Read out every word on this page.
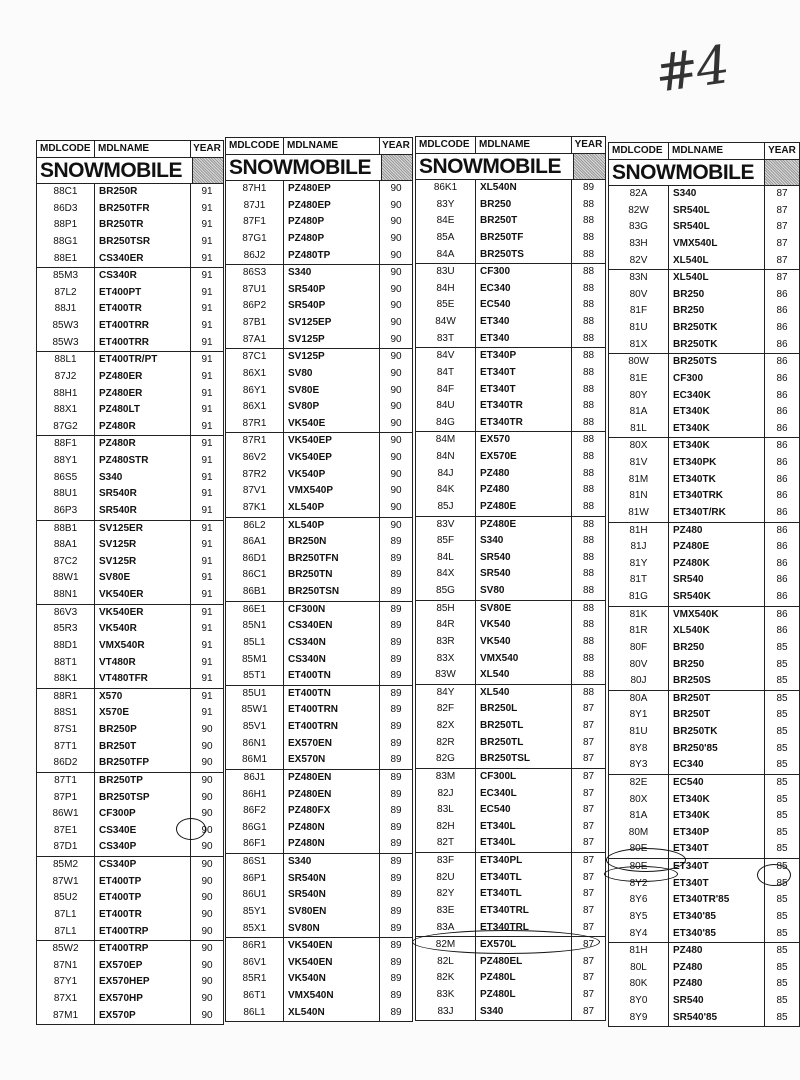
#4
MDLCODE MDLNAME	YEAR
SNOWMOBILE
88C1	BR250R	91
86D3	BR250TFR	91
88P1	BR250TR	91
88G1	BR250TSR	91
88E1	CS340ER	91
85M3	CS340R	91
87L2	ET400PT	91
88J1	ET400TR	91
85W3	ET400TRR	91
85W3	ET400TRR	91
88L1	ET400TR/PT	91
87J2	PZ480ER	91
88H1	PZ480ER	91
88X1	PZ480LT	91
87G2	PZ480R	91
88F1	PZ480R	91
88Y1	PZ480STR	91
86S5	S340	91
88U1	SR540R	91
86P3	SR540R	91
88B1	SV125ER	91
88A1	SV125R	91
87C2	SV125R	91
88W1	SV80E	91
88N1	VK540ER	91
86V3	VK540ER	91
85R3	VK540R	91
88D1	VMX540R	91
88T1	VT480R	91
88K1	VT480TFR	91
88R1	X570	91
88S1	X570E	91
87S1	BR250P	90
87T1	BR250T	90
86D2	BR250TFP	90
87T1	BR250TP	90
87P1	BR250TSP	90
86W1	CF300P	90
87E1	CS340E	90
87D1	CS340P	90
85M2	CS340P	90
87W1	ET400TP	90
85U2	ET400TP	90
87L1	ET400TR	90
87L1	ET400TRP	90
85W2	ET400TRP	90
87N1	EX570EP	90
87Y1	EX570HEP	90
87X1	EX570HP	90
87M1	EX570P	90
MDLCODE MDLNAME	YEAR
SNOWMOBILE
87H1	PZ480EP	90
87J1	PZ480EP	90
87F1	PZ480P	90
87G1	PZ480P	90
86J2	PZ480TP	90
86S3	S340	90
87U1	SR540P	90
86P2	SR540P	90
87B1	SV125EP	90
87A1	SV125P	90
87C1	SV125P	90
86X1	SV80	90
86Y1	SV80E	90
86X1	SV80P	90
87R1	VK540E	90
87R1	VK540EP	90
86V2	VK540EP	90
87R2	VK540P	90
87V1	VMX540P	90
87K1	XL540P	90
86L2	XL540P	90
86A1	BR250N	89
86D1	BR250TFN	89
86C1	BR250TN	89
86B1	BR250TSN	89
86E1	CF300N	89
85N1	CS340EN	89
85L1	CS340N	89
85M1	CS340N	89
85T1	ET400TN	89
85U1	ET400TN	89
85W1	ET400TRN	89
85V1	ET400TRN	89
86N1	EX570EN	89
86M1	EX570N	89
86J1	PZ480EN	89
86H1	PZ480EN	89
86F2	PZ480FX	89
86G1	PZ480N	89
86F1	PZ480N	89
86S1	S340	89
86P1	SR540N	89
86U1	SR540N	89
85Y1	SV80EN	89
85X1	SV80N	89
86R1	VK540EN	89
86V1	VK540EN	89
85R1	VK540N	89
86T1	VMX540N	89
86L1	XL540N	89
MDLCODE MDLNAME	YEAR
SNOWMOBILE
86K1	XL540N	89
83Y	BR250	88
84E	BR250T	88
85A	BR250TF	88
84A	BR250TS	88
83U	CF300	88
84H	EC340	88
85E	EC540	88
84W	ET340	88
83T	ET340	88
84V	ET340P	88
84T	ET340T	88
84F	ET340T	88
84U	ET340TR	88
84G	ET340TR	88
84M	EX570	88
84N	EX570E	88
84J	PZ480	88
84K	PZ480	88
85J	PZ480E	88
83V	PZ480E	88
85F	S340	88
84L	SR540	88
84X	SR540	88
85G	SV80	88
85H	SV80E	88
84R	VK540	88
83R	VK540	88
83X	VMX540	88
83W	XL540	88
84Y	XL540	88
82F	BR250L	87
82X	BR250TL	87
82R	BR250TL	87
82G	BR250TSL	87
83M	CF300L	87
82J	EC340L	87
83L	EC540	87
82H	ET340L	87
82T	ET340L	87
83F	ET340PL	87
82U	ET340TL	87
82Y	ET340TL	87
83E	ET340TRL	87
83A	ET340TRL	87
82M	EX570L	87
82L	PZ480EL	87
82K	PZ480L	87
83K	PZ480L	87
83J	S340	87
MDLCODE MDLNAME	YEAR
SNOWMOBILE
82A	S340	87
82W	SR540L	87
83G	SR540L	87
83H	VMX540L	87
82V	XL540L	87
83N	XL540L	87
80V	BR250	86
81F	BR250	86
81U	BR250TK	86
81X	BR250TK	86
80W	BR250TS	86
81E	CF300	86
80Y	EC340K	86
81A	ET340K	86
81L	ET340K	86
80X	ET340K	86
81V	ET340PK	86
81M	ET340TK	86
81N	ET340TRK	86
81W	ET340T/RK	86
81H	PZ480	86
81J	PZ480E	86
81Y	PZ480K	86
81T	SR540	86
81G	SR540K	86
81K	VMX540K	86
81R	XL540K	86
80F	BR250	85
80V	BR250	85
80J	BR250S	85
80A	BR250T	85
8Y1	BR250T	85
81U	BR250TK	85
8Y8	BR250'85	85
8Y3	EC340	85
82E	EC540	85
80X	ET340K	85
81A	ET340K	85
80M	ET340P	85
80E	ET340T	85
80E	ET340T	85
8Y2	ET340T	85
8Y6	ET340TR'85	85
8Y5	ET340'85	85
8Y4	ET340'85	85
81H	PZ480	85
80L	PZ480	85
80K	PZ480	85
8Y0	SR540	85
8Y9	SR540'85	85
